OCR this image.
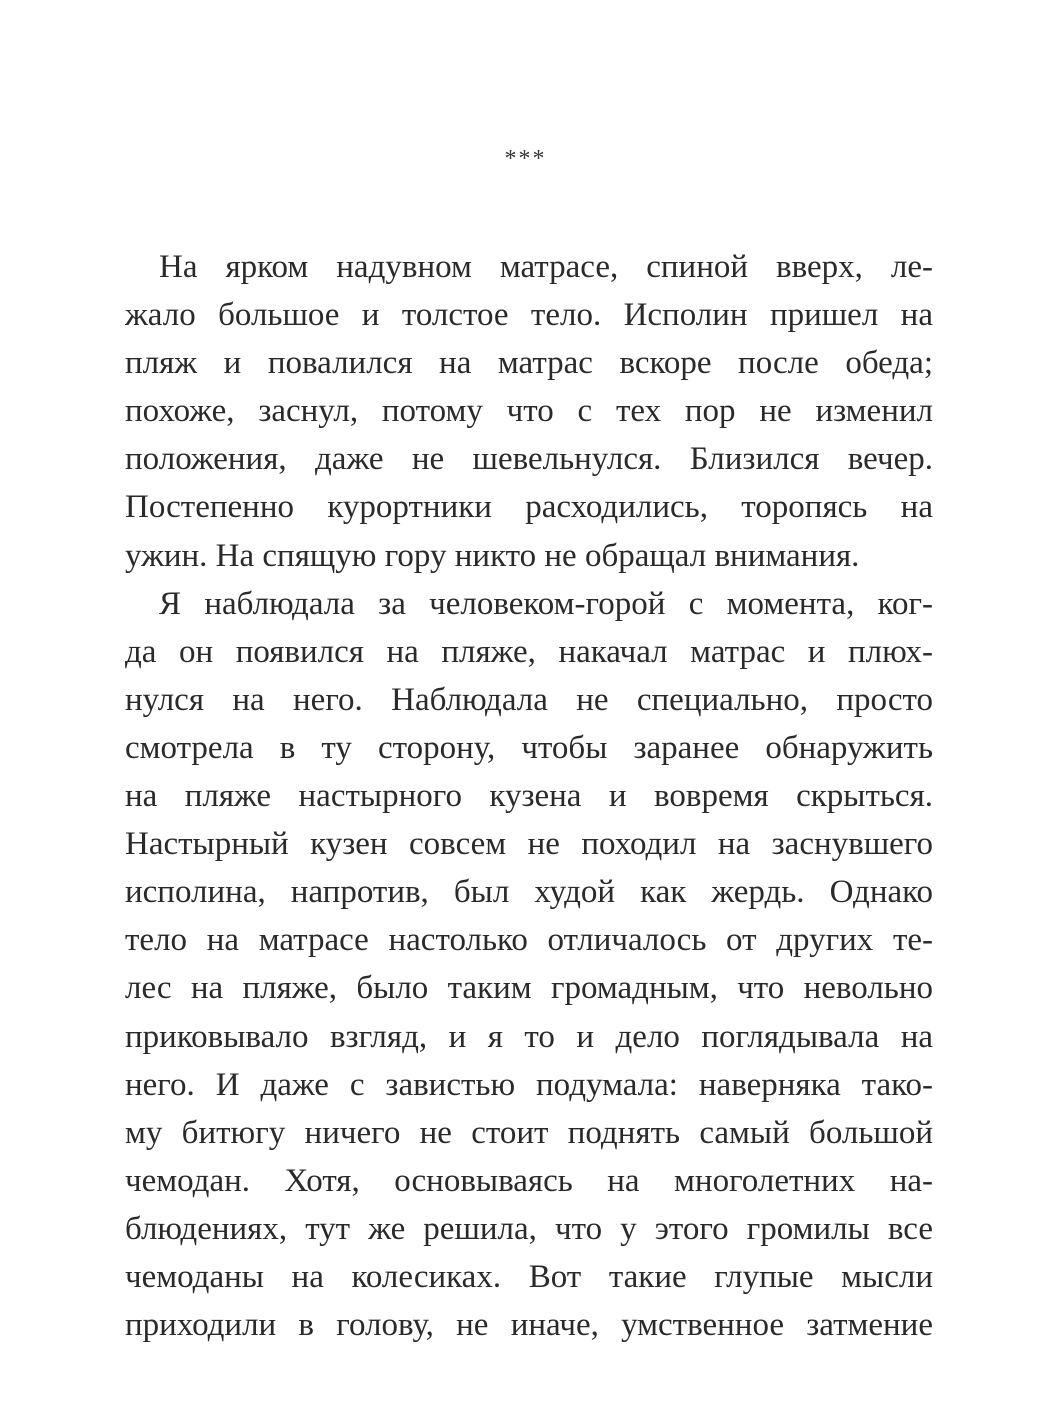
***
На ярком надувном матрасе, спиной вверх, ле-
жало большое и толстое тело. Исполин пришел на
пляж и повалился на матрас вскоре после обеда;
похоже, заснул, потому что с тех пор не изменил
положения, даже не шевельнулся. Близился вечер.
Постепенно курортники расходились, торопясь на
ужин. На спящую гору никто не обращал внимания.
Я наблюдала за человеком-горой с момента, ког-
да он появился на пляже, накачал матрас и плюх-
нулся на него. Наблюдала не специально, просто
смотрела в ту сторону, чтобы заранее обнаружить
на пляже настырного кузена и вовремя скрыться.
Настырный кузен совсем не походил на заснувшего
исполина, напротив, был худой как жердь. Однако
тело на матрасе настолько отличалось от других те-
лес на пляже, было таким громадным, что невольно
приковывало взгляд, и я то и дело поглядывала на
него. И даже с завистью подумала: наверняка тако-
му битюгу ничего не стоит поднять самый большой
чемодан. Хотя, основываясь на многолетних на-
блюдениях, тут же решила, что у этого громилы все
чемоданы на колесиках. Вот такие глупые мысли
приходили в голову, не иначе, умственное затмение
